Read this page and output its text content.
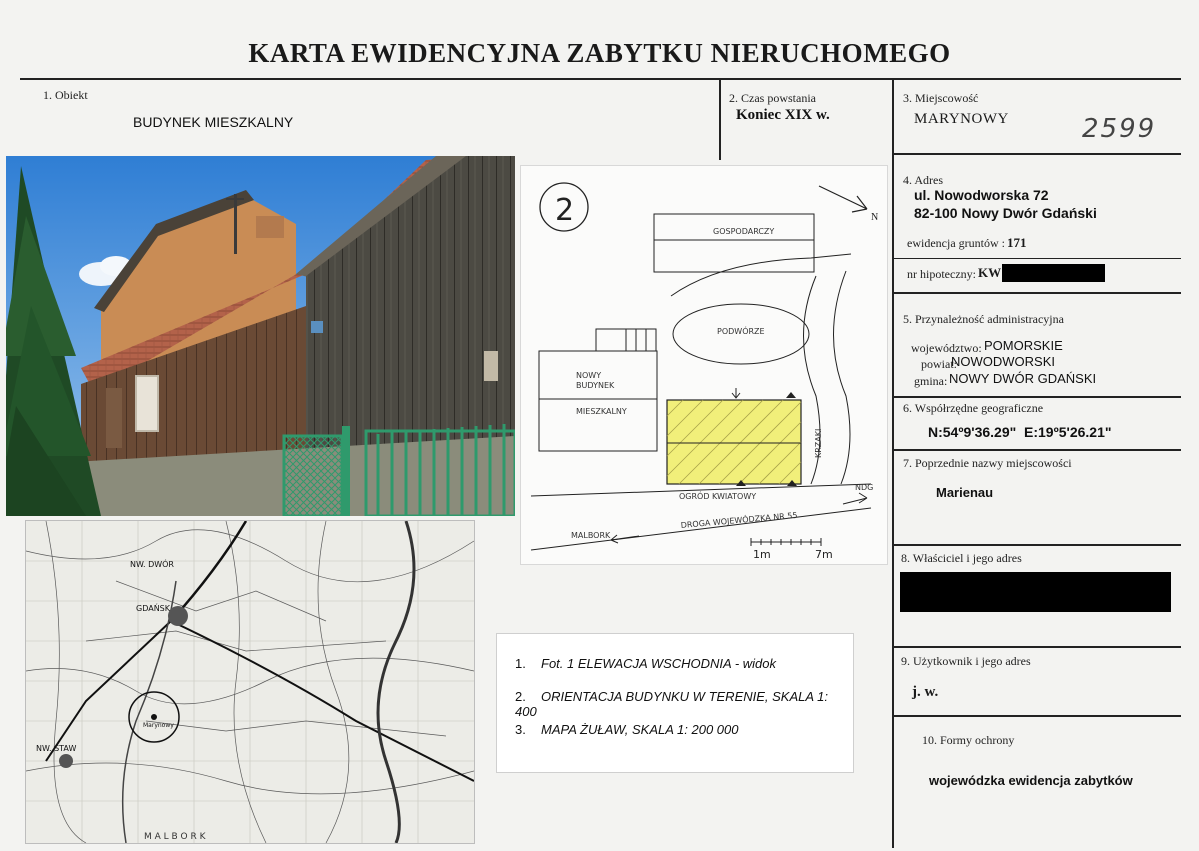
KARTA EWIDENCYJNA ZABYTKU NIERUCHOMEGO
1. Obiekt
BUDYNEK MIESZKALNY
2. Czas powstania
Koniec XIX w.
3. Miejscowość
MARYNOWY	2599
4. Adres
ul. Nowodworska 72
82-100 Nowy Dwór Gdański
ewidencja gruntów : 171
nr hipoteczny: KW
5. Przynależność administracyjna
województwo: POMORSKIE
powiat:
NOWODWORSKI
gmina: NOWY DWÓR GDAŃSKI
6. Współrzędne geograficzne
N:54º9'36.29"  E:19º5'26.21"
7. Poprzednie nazwy miejscowości
Marienau
8. Właściciel i jego adres
9. Użytkownik i jego adres
j. w.
10. Formy ochrony
wojewódzka ewidencja zabytków
2	N
GOSPODARCZY
PODWÓRZE
NOWY
BUDYNEK
MIESZKALNY
KRZAKI
OGRÓD KWIATOWY
DROGA WOJEWÓDZKA NR 55
NDG
MALBORK
1m	7m
NW. DWÓR
GDAŃSK
NW. STAW
Marynowy
M A L B O R K
1. Fot. 1 ELEWACJA WSCHODNIA - widok
2. ORIENTACJA BUDYNKU W TERENIE, SKALA 1: 400
3. MAPA ŻUŁAW, SKALA 1: 200 000
